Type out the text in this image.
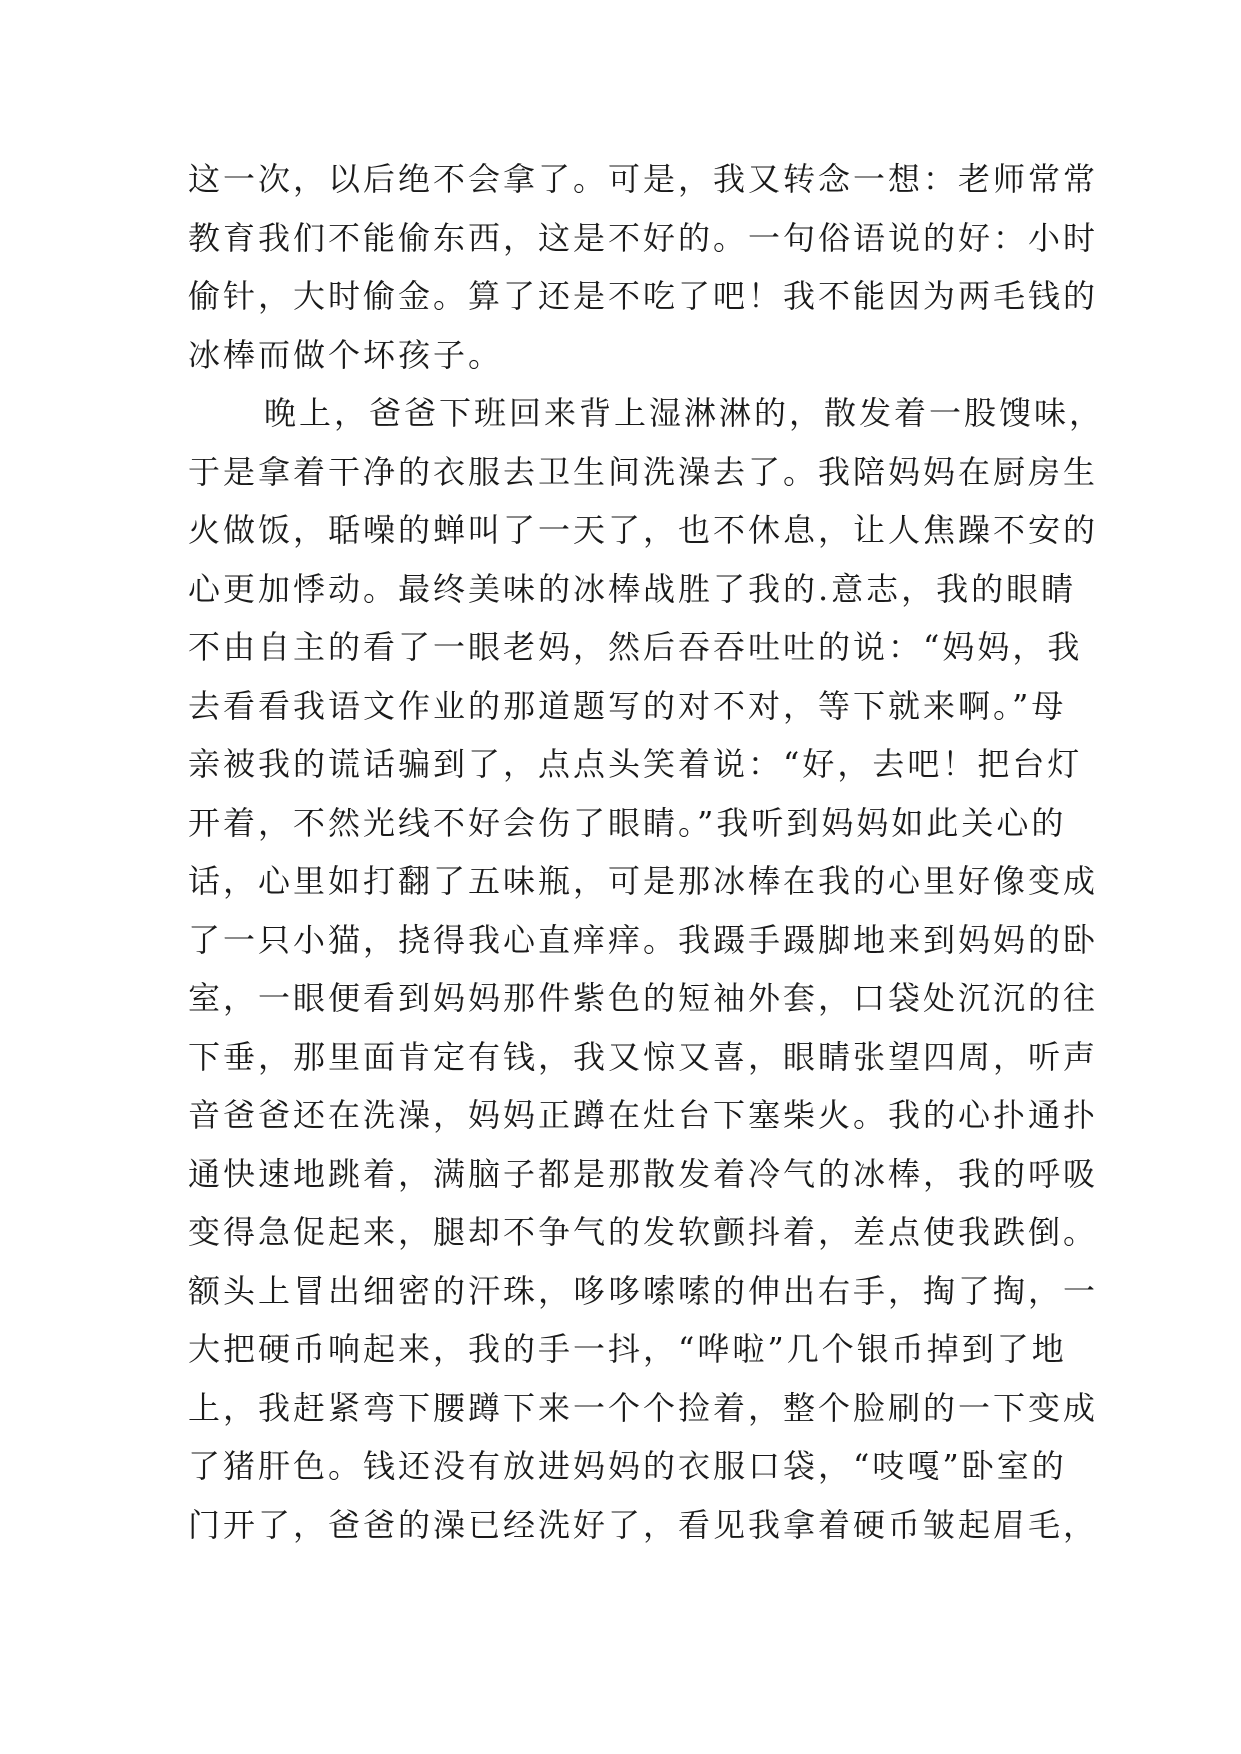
这一次，以后绝不会拿了。可是，我又转念一想：老师常常
教育我们不能偷东西，这是不好的。一句俗语说的好：小时
偷针，大时偷金。算了还是不吃了吧！我不能因为两毛钱的
冰棒而做个坏孩子。
晚上，爸爸下班回来背上湿淋淋的，散发着一股馊味，
于是拿着干净的衣服去卫生间洗澡去了。我陪妈妈在厨房生
火做饭，聒噪的蝉叫了一天了，也不休息，让人焦躁不安的
心更加悸动。最终美味的冰棒战胜了我的.意志，我的眼睛
不由自主的看了一眼老妈，然后吞吞吐吐的说：“妈妈，我
去看看我语文作业的那道题写的对不对，等下就来啊。”母
亲被我的谎话骗到了，点点头笑着说：“好，去吧！把台灯
开着，不然光线不好会伤了眼睛。”我听到妈妈如此关心的
话，心里如打翻了五味瓶，可是那冰棒在我的心里好像变成
了一只小猫，挠得我心直痒痒。我蹑手蹑脚地来到妈妈的卧
室，一眼便看到妈妈那件紫色的短袖外套，口袋处沉沉的往
下垂，那里面肯定有钱，我又惊又喜，眼睛张望四周，听声
音爸爸还在洗澡，妈妈正蹲在灶台下塞柴火。我的心扑通扑
通快速地跳着，满脑子都是那散发着冷气的冰棒，我的呼吸
变得急促起来，腿却不争气的发软颤抖着，差点使我跌倒。
额头上冒出细密的汗珠，哆哆嗦嗦的伸出右手，掏了掏，一
大把硬币响起来，我的手一抖，“哗啦”几个银币掉到了地
上，我赶紧弯下腰蹲下来一个个捡着，整个脸刷的一下变成
了猪肝色。钱还没有放进妈妈的衣服口袋，“吱嘎”卧室的
门开了，爸爸的澡已经洗好了，看见我拿着硬币皱起眉毛，
